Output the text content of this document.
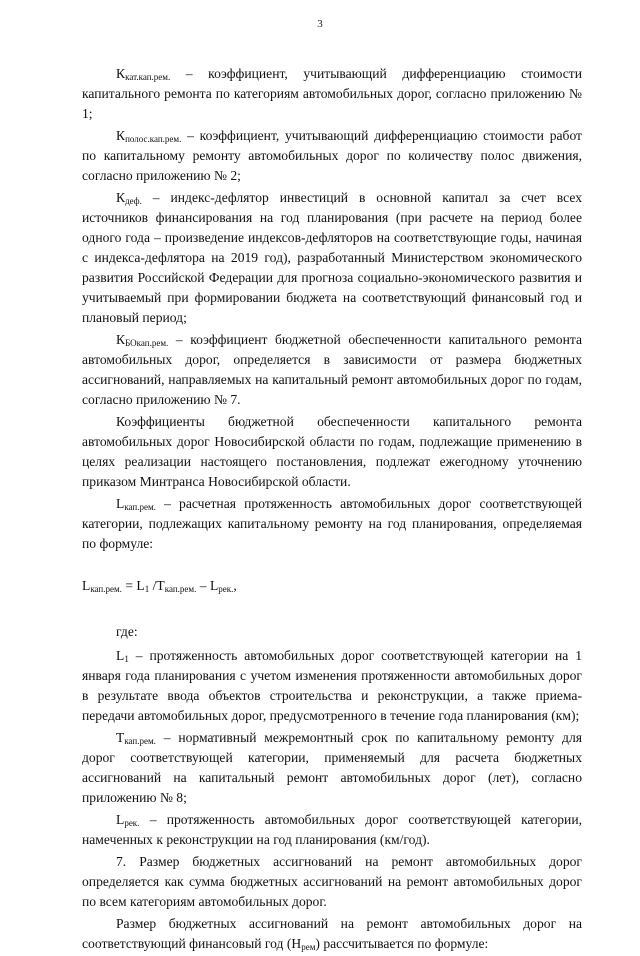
3

$К_{кат.кап.рем.}$ – коэффициент, учитывающий дифференциацию стоимости капитального ремонта по категориям автомобильных дорог, согласно приложению № 1;

$К_{полос.кап.рем.}$ – коэффициент, учитывающий дифференциацию стоимости работ по капитальному ремонту автомобильных дорог по количеству полос движения, согласно приложению № 2;

$К_{деф.}$ – индекс-дефлятор инвестиций в основной капитал за счет всех источников финансирования на год планирования (при расчете на период более одного года – произведение индексов-дефляторов на соответствующие годы, начиная с индекса-дефлятора на 2019 год), разработанный Министерством экономического развития Российской Федерации для прогноза социально-экономического развития и учитываемый при формировании бюджета на соответствующий финансовый год и плановый период;

$К_{БОкап.рем.}$ – коэффициент бюджетной обеспеченности капитального ремонта автомобильных дорог, определяется в зависимости от размера бюджетных ассигнований, направляемых на капитальный ремонт автомобильных дорог по годам, согласно приложению № 7.

Коэффициенты бюджетной обеспеченности капитального ремонта автомобильных дорог Новосибирской области по годам, подлежащие применению в целях реализации настоящего постановления, подлежат ежегодному уточнению приказом Минтранса Новосибирской области.

$L_{кап.рем.}$ – расчетная протяженность автомобильных дорог соответствующей категории, подлежащих капитальному ремонту на год планирования, определяемая по формуле:

$L_{кап.рем.} = L_1$ $/Т_{кап.рем.} - L_{рек.}$,

где:

$L_1$ – протяженность автомобильных дорог соответствующей категории на 1 января года планирования с учетом изменения протяженности автомобильных дорог в результате ввода объектов строительства и реконструкции, а также приема-передачи автомобильных дорог, предусмотренного в течение года планирования (км);

$Т_{кап.рем.}$ – нормативный межремонтный срок по капитальному ремонту для дорог соответствующей категории, применяемый для расчета бюджетных ассигнований на капитальный ремонт автомобильных дорог (лет), согласно приложению № 8;

$L_{рек.}$ – протяженность автомобильных дорог соответствующей категории, намеченных к реконструкции на год планирования (км/год).

7. Размер бюджетных ассигнований на ремонт автомобильных дорог определяется как сумма бюджетных ассигнований на ремонт автомобильных дорог по всем категориям автомобильных дорог.

Размер бюджетных ассигнований на ремонт автомобильных дорог на соответствующий финансовый год $(Н_{рем})$ рассчитывается по формуле:
